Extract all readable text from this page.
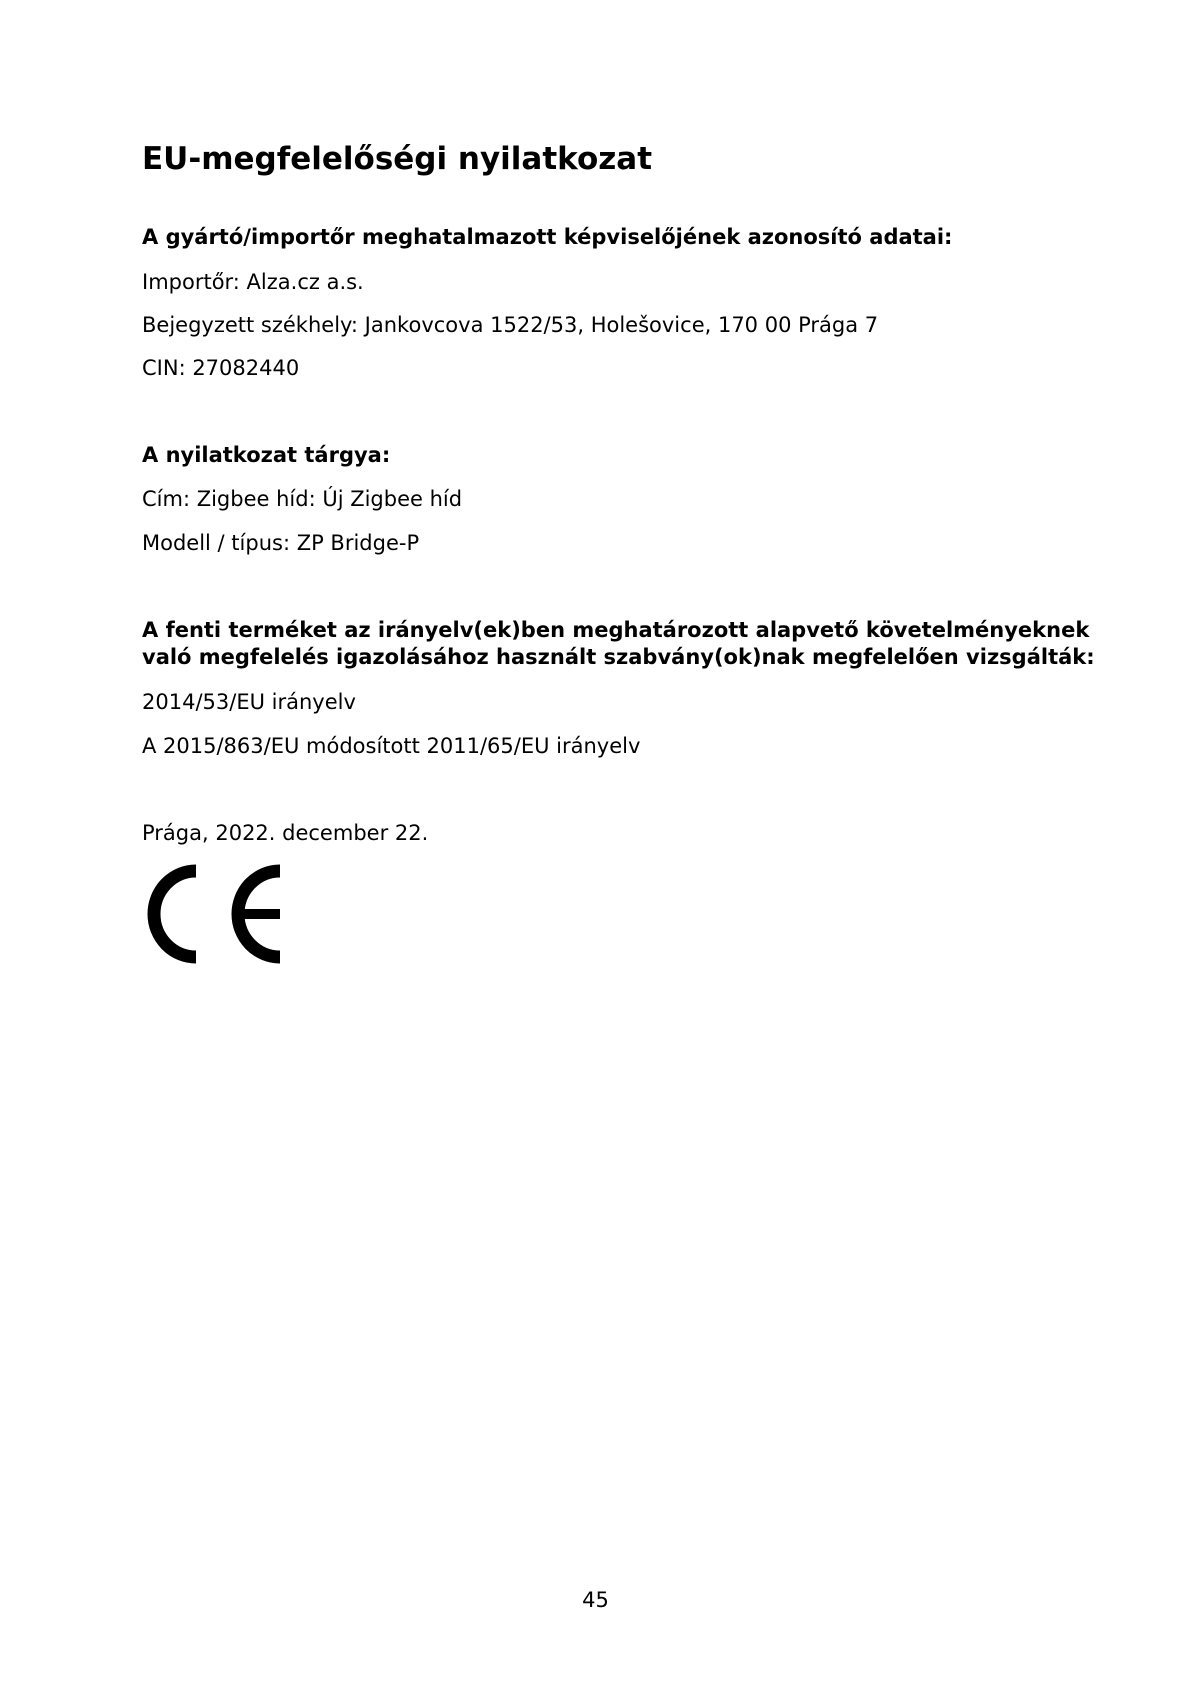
EU-megfelelőségi nyilatkozat
A gyártó/importőr meghatalmazott képviselőjének azonosító adatai:

Importőr: Alza.cz a.s.

Bejegyzett székhely: Jankovcova 1522/53, Holešovice, 170 00 Prága 7

CIN: 27082440

A nyilatkozat tárgya:

Cím: Zigbee híd: Új Zigbee híd

Modell / típus: ZP Bridge-P

A fenti terméket az irányelv(ek)ben meghatározott alapvető követelményeknek
való megfelelés igazolásához használt szabvány(ok)nak megfelelően vizsgálták:

2014/53/EU irányelv

A 2015/863/EU módosított 2011/65/EU irányelv

Prága, 2022. december 22.

45
